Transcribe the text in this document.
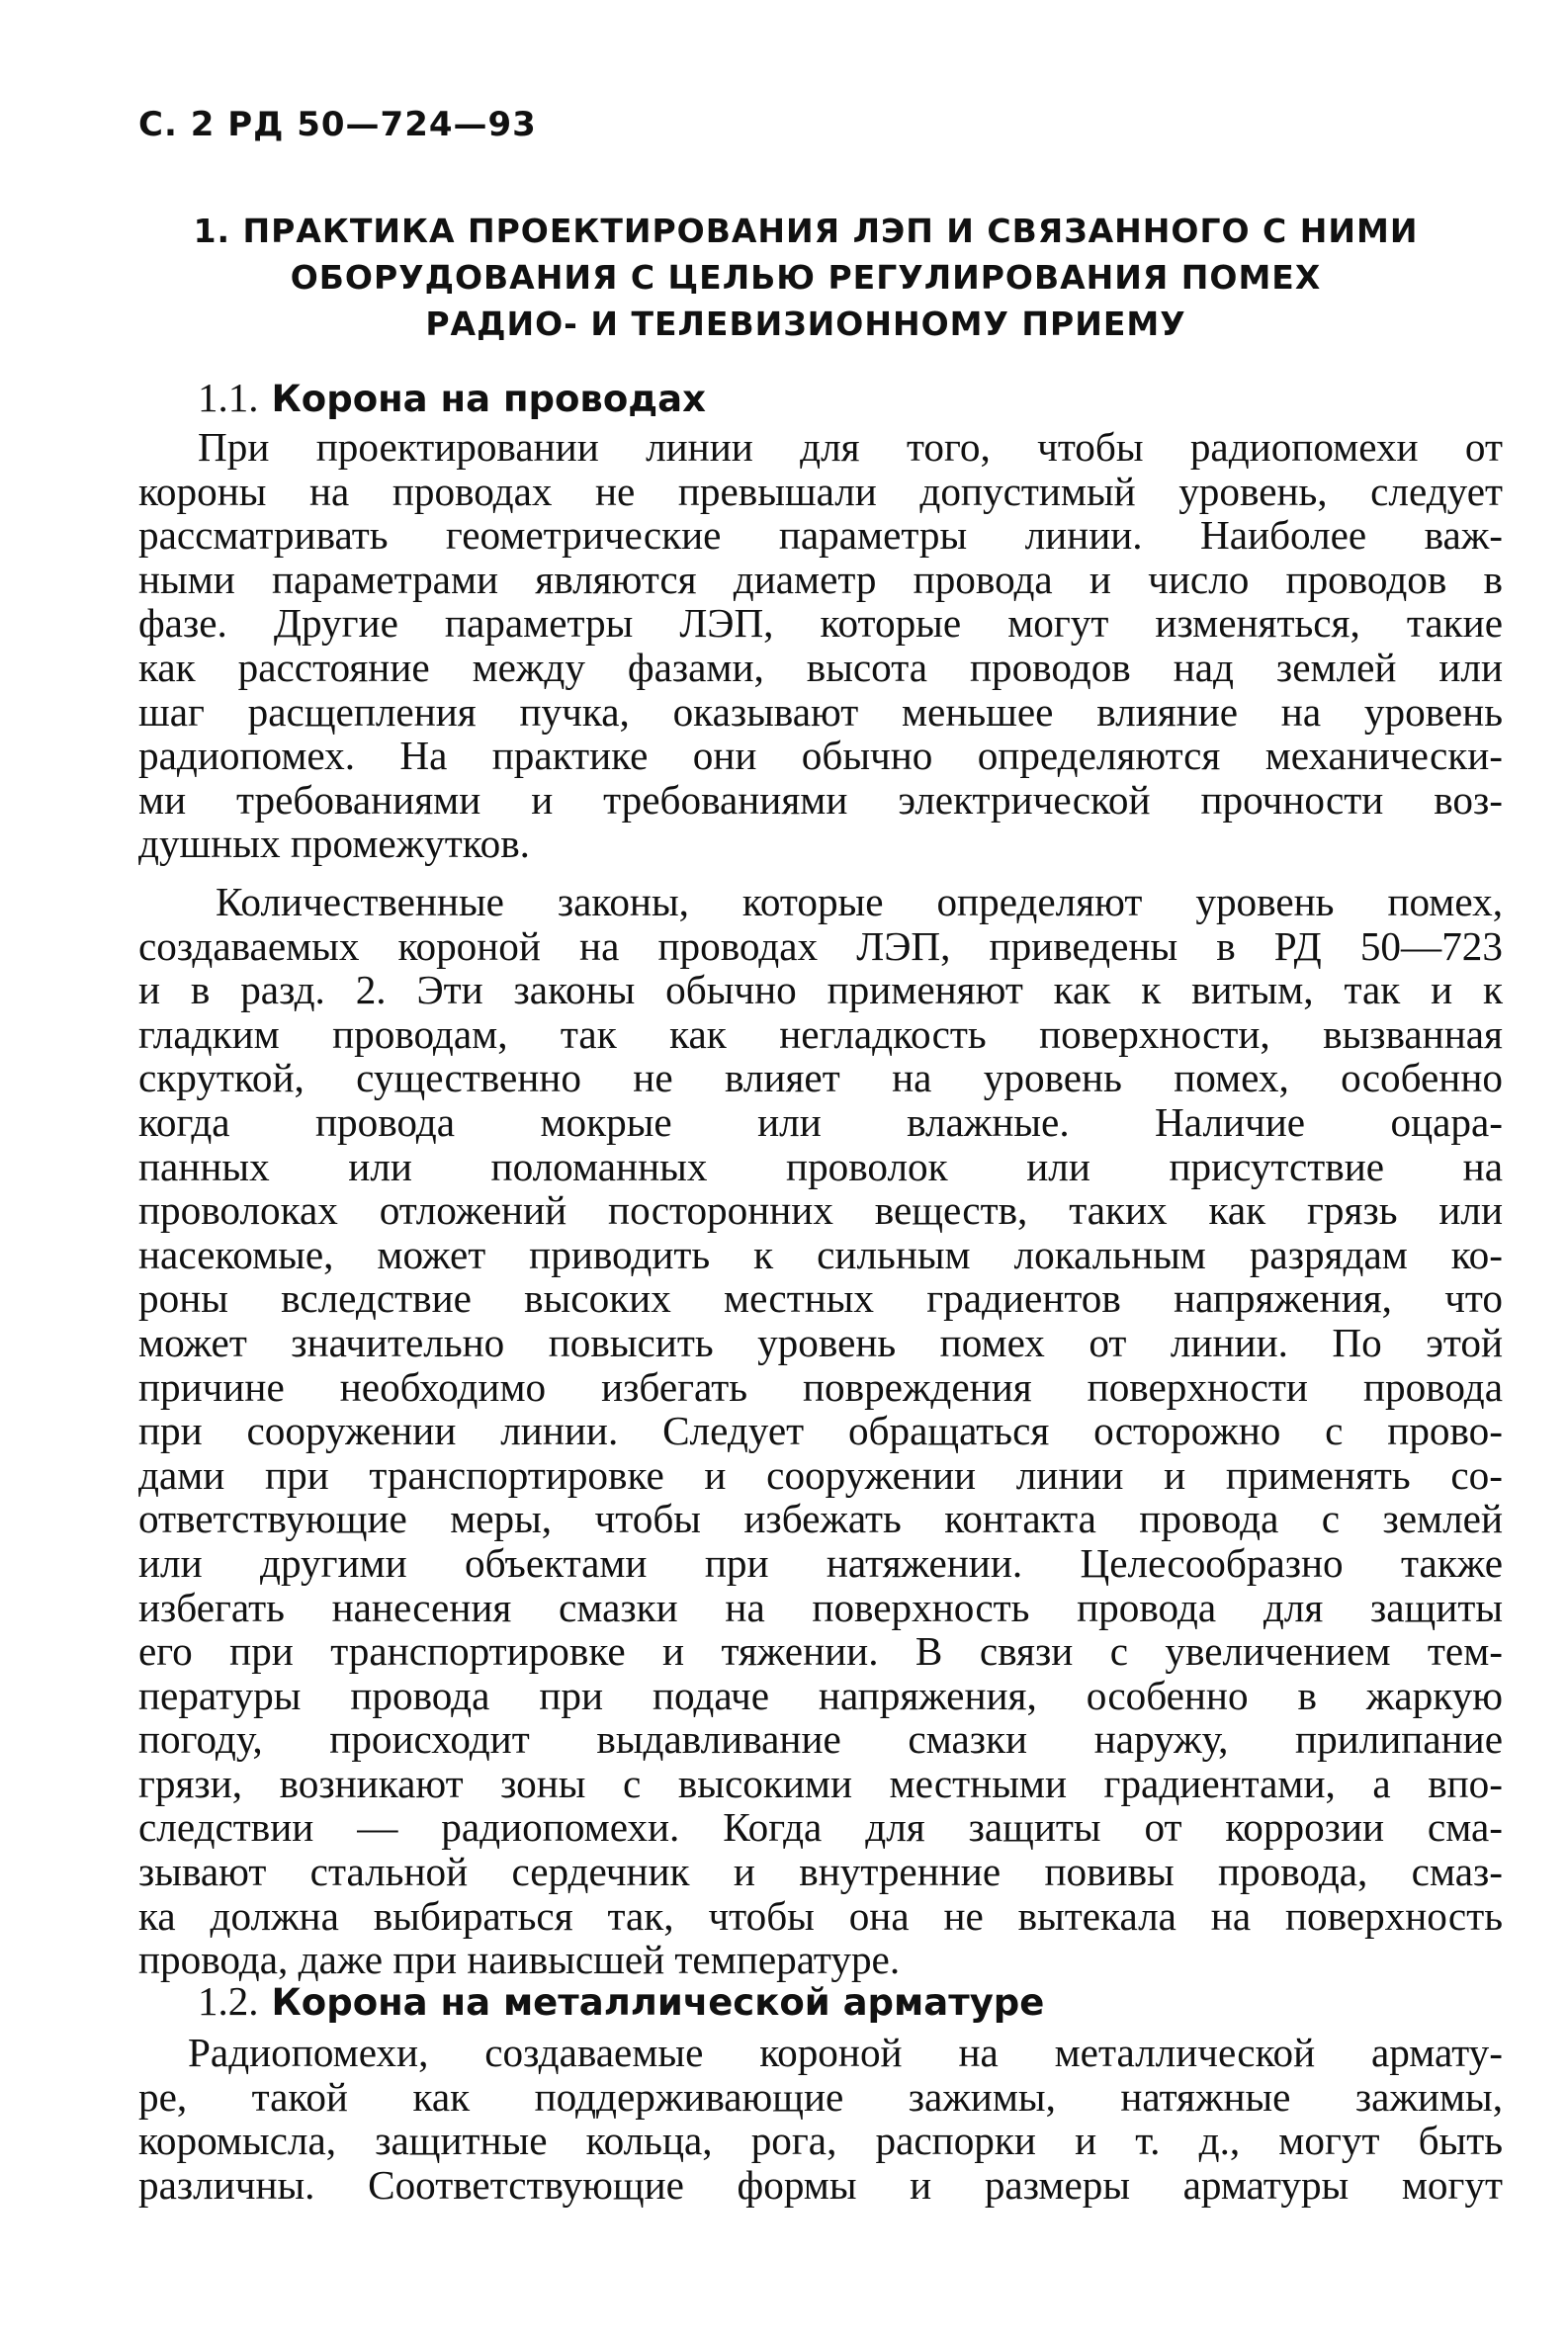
С. 2 РД 50—724—93
1. ПРАКТИКА ПРОЕКТИРОВАНИЯ ЛЭП И СВЯЗАННОГО С НИМИ
ОБОРУДОВАНИЯ С ЦЕЛЬЮ РЕГУЛИРОВАНИЯ ПОМЕХ
РАДИО- И ТЕЛЕВИЗИОННОМУ ПРИЕМУ
1.1. Корона на проводах
При проектировании линии для того, чтобы радиопомехи от
короны на проводах не превышали допустимый уровень, следует
рассматривать геометрические параметры линии. Наиболее важ-
ными параметрами являются диаметр провода и число проводов в
фазе. Другие параметры ЛЭП, которые могут изменяться, такие
как расстояние между фазами, высота проводов над землей или
шаг расщепления пучка, оказывают меньшее влияние на уровень
радиопомех. На практике они обычно определяются механически-
ми требованиями и требованиями электрической прочности воз-
душных промежутков.
Количественные законы, которые определяют уровень помех,
создаваемых короной на проводах ЛЭП, приведены в РД 50—723
и в разд. 2. Эти законы обычно применяют как к витым, так и к
гладким проводам, так как негладкость поверхности, вызванная
скруткой, существенно не влияет на уровень помех, особенно
когда провода мокрые или влажные. Наличие оцара-
панных или поломанных проволок или присутствие на
проволоках отложений посторонних веществ, таких как грязь или
насекомые, может приводить к сильным локальным разрядам ко-
роны вследствие высоких местных градиентов напряжения, что
может значительно повысить уровень помех от линии. По этой
причине необходимо избегать повреждения поверхности провода
при сооружении линии. Следует обращаться осторожно с прово-
дами при транспортировке и сооружении линии и применять со-
ответствующие меры, чтобы избежать контакта провода с землей
или другими объектами при натяжении. Целесообразно также
избегать нанесения смазки на поверхность провода для защиты
его при транспортировке и тяжении. В связи с увеличением тем-
пературы провода при подаче напряжения, особенно в жаркую
погоду, происходит выдавливание смазки наружу, прилипание
грязи, возникают зоны с высокими местными градиентами, а впо-
следствии — радиопомехи. Когда для защиты от коррозии сма-
зывают стальной сердечник и внутренние повивы провода, смаз-
ка должна выбираться так, чтобы она не вытекала на поверхность
провода, даже при наивысшей температуре.
1.2. Корона на металлической арматуре
Радиопомехи, создаваемые короной на металлической армату-
ре, такой как поддерживающие зажимы, натяжные зажимы,
коромысла, защитные кольца, рога, распорки и т. д., могут быть
различны. Соответствующие формы и размеры арматуры могут
